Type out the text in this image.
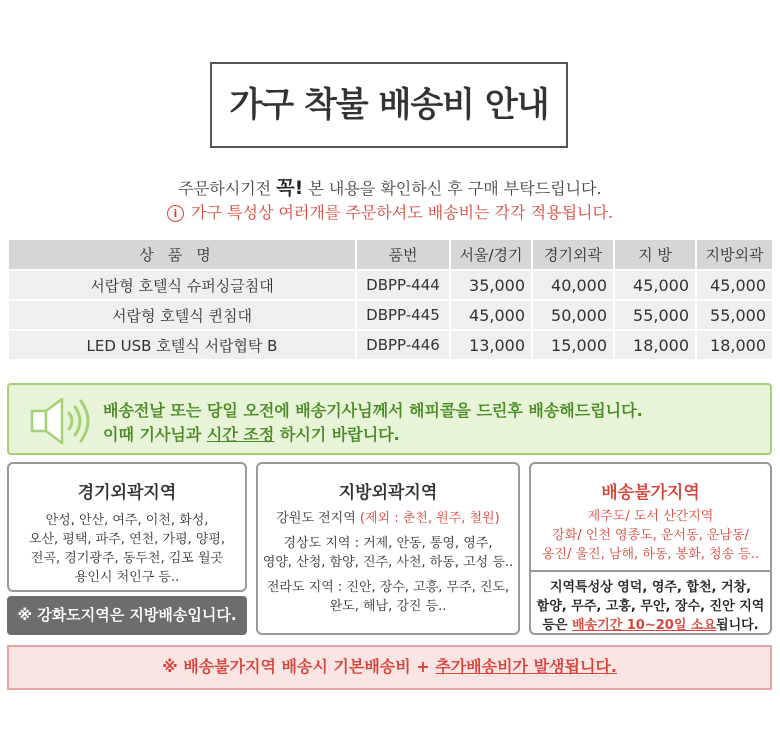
가구 착불 배송비 안내
주문하시기전 꼭! 본 내용을 확인하신 후 구매 부탁드립니다.
i 가구 특성상 여러개를 주문하셔도 배송비는 각각 적용됩니다.
상품명	품번	서울/경기	경기외곽	지 방	지방외곽
서랍형 호텔식 슈퍼싱글침대	DBPP-444	35,000	40,000	45,000	45,000
서랍형 호텔식 퀸침대	DBPP-445	45,000	50,000	55,000	55,000
LED USB 호텔식 서랍협탁 B	DBPP-446	13,000	15,000	18,000	18,000
배송전날 또는 당일 오전에 배송기사님께서 해피콜을 드린후 배송해드립니다.
이때 기사님과 시간 조정 하시기 바랍니다.
경기외곽지역
안성, 안산, 여주, 이천, 화성,
오산, 평택, 파주, 연천, 가평, 양평,
전곡, 경기광주, 동두천, 김포 월곳
용인시 처인구 등..
※ 강화도지역은 지방배송입니다.
지방외곽지역
강원도 전지역 (제외 : 춘천, 원주, 철원)
경상도 지역 : 거제, 안동, 통영, 영주,
영양, 산청, 함양, 진주, 사천, 하동, 고성 등..
전라도 지역 : 진안, 장수, 고흥, 무주, 진도,
완도, 해남, 강진 등..
배송불가지역
제주도/ 도서 산간지역
강화/ 인천 영종도, 운서동, 운남동/
옹진/ 울진, 남해, 하동, 봉화, 청송 등..
지역특성상 영덕, 영주, 합천, 거창,
함양, 무주, 고흥, 무안, 장수, 진안 지역
등은 배송기간 10~20일 소요됩니다.
※ 배송불가지역 배송시 기본배송비 + 추가배송비가 발생됩니다.
